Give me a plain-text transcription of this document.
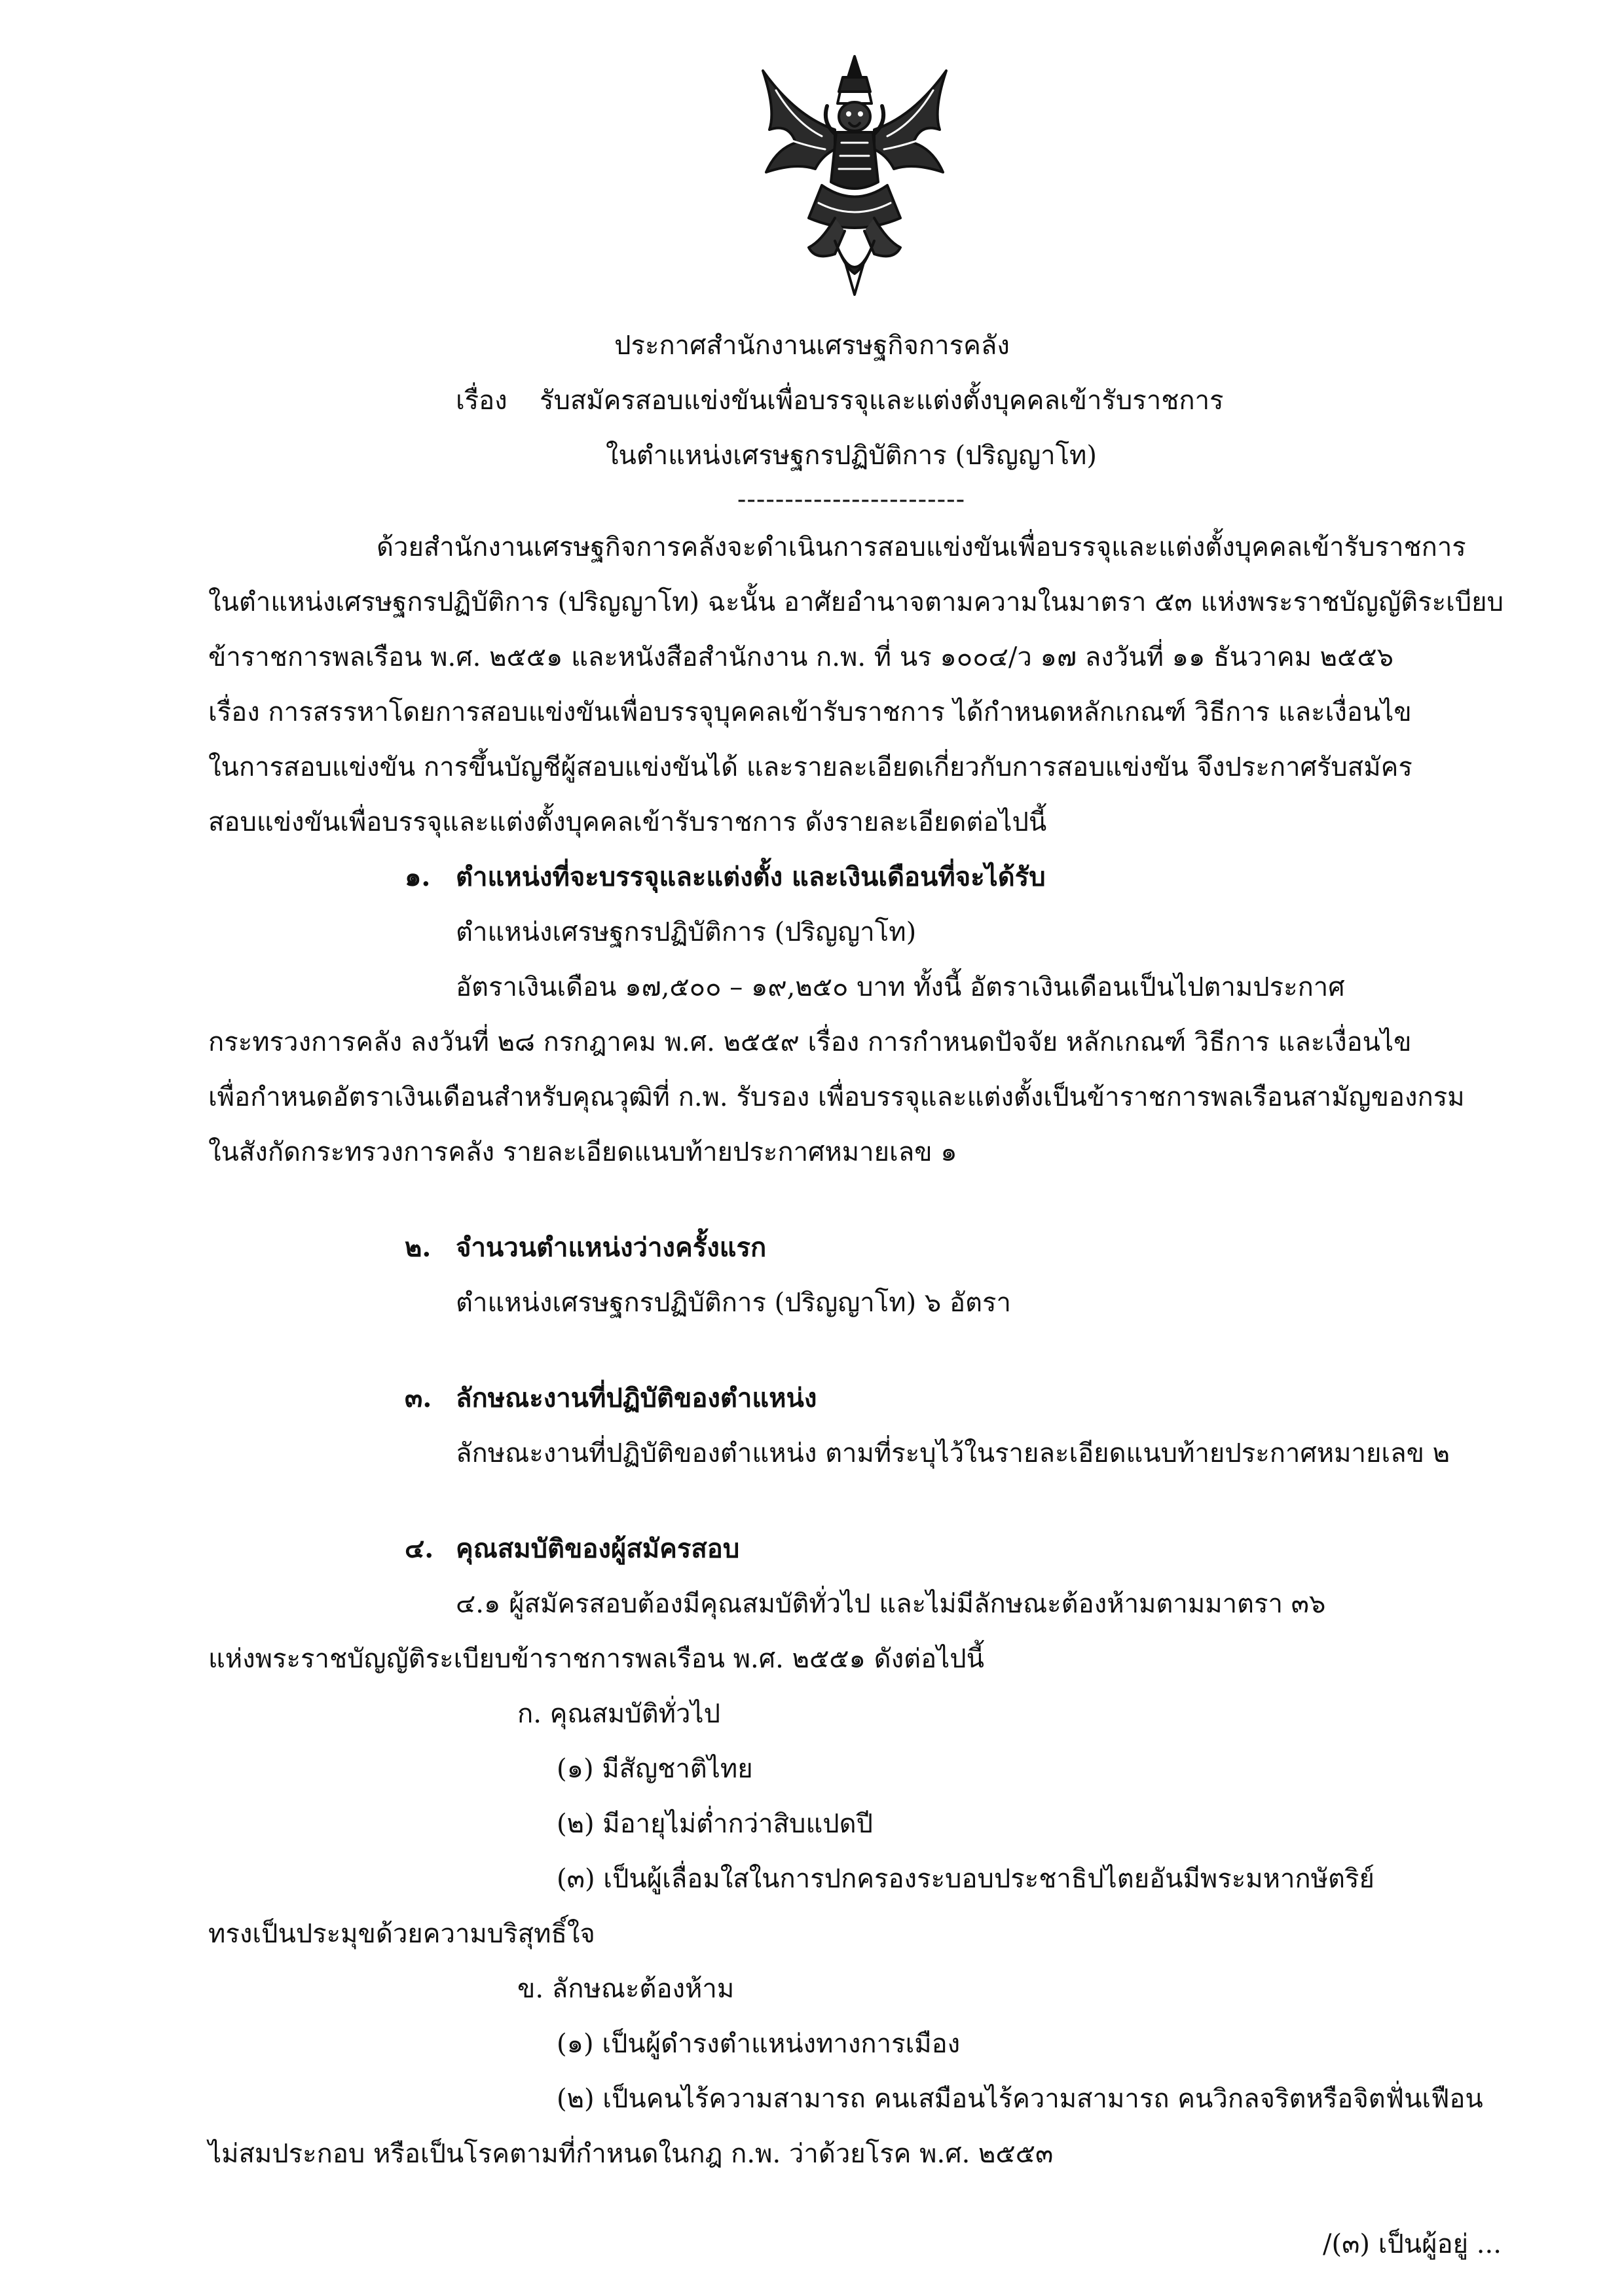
ประกาศสำนักงานเศรษฐกิจการคลัง
เรื่อง รับสมัครสอบแข่งขันเพื่อบรรจุและแต่งตั้งบุคคลเข้ารับราชการ
ในตำแหน่งเศรษฐกรปฏิบัติการ (ปริญญาโท)
------------------------
ด้วยสำนักงานเศรษฐกิจการคลังจะดำเนินการสอบแข่งขันเพื่อบรรจุและแต่งตั้งบุคคลเข้ารับราชการ
ในตำแหน่งเศรษฐกรปฏิบัติการ (ปริญญาโท) ฉะนั้น อาศัยอำนาจตามความในมาตรา ๕๓ แห่งพระราชบัญญัติระเบียบ
ข้าราชการพลเรือน พ.ศ. ๒๕๕๑ และหนังสือสำนักงาน ก.พ. ที่ นร ๑๐๐๔/ว ๑๗ ลงวันที่ ๑๑ ธันวาคม ๒๕๕๖
เรื่อง การสรรหาโดยการสอบแข่งขันเพื่อบรรจุบุคคลเข้ารับราชการ ได้กำหนดหลักเกณฑ์ วิธีการ และเงื่อนไข
ในการสอบแข่งขัน การขึ้นบัญชีผู้สอบแข่งขันได้ และรายละเอียดเกี่ยวกับการสอบแข่งขัน จึงประกาศรับสมัคร
สอบแข่งขันเพื่อบรรจุและแต่งตั้งบุคคลเข้ารับราชการ ดังรายละเอียดต่อไปนี้
๑. ตำแหน่งที่จะบรรจุและแต่งตั้ง และเงินเดือนที่จะได้รับ
ตำแหน่งเศรษฐกรปฏิบัติการ (ปริญญาโท)
อัตราเงินเดือน ๑๗,๕๐๐ – ๑๙,๒๕๐ บาท ทั้งนี้ อัตราเงินเดือนเป็นไปตามประกาศ
กระทรวงการคลัง ลงวันที่ ๒๘ กรกฎาคม พ.ศ. ๒๕๕๙ เรื่อง การกำหนดปัจจัย หลักเกณฑ์ วิธีการ และเงื่อนไข
เพื่อกำหนดอัตราเงินเดือนสำหรับคุณวุฒิที่ ก.พ. รับรอง เพื่อบรรจุและแต่งตั้งเป็นข้าราชการพลเรือนสามัญของกรม
ในสังกัดกระทรวงการคลัง รายละเอียดแนบท้ายประกาศหมายเลข ๑
๒. จำนวนตำแหน่งว่างครั้งแรก
ตำแหน่งเศรษฐกรปฏิบัติการ (ปริญญาโท) ๖ อัตรา
๓. ลักษณะงานที่ปฏิบัติของตำแหน่ง
ลักษณะงานที่ปฏิบัติของตำแหน่ง ตามที่ระบุไว้ในรายละเอียดแนบท้ายประกาศหมายเลข ๒
๔. คุณสมบัติของผู้สมัครสอบ
๔.๑ ผู้สมัครสอบต้องมีคุณสมบัติทั่วไป และไม่มีลักษณะต้องห้ามตามมาตรา ๓๖
แห่งพระราชบัญญัติระเบียบข้าราชการพลเรือน พ.ศ. ๒๕๕๑ ดังต่อไปนี้
ก. คุณสมบัติทั่วไป
(๑) มีสัญชาติไทย
(๒) มีอายุไม่ต่ำกว่าสิบแปดปี
(๓) เป็นผู้เลื่อมใสในการปกครองระบอบประชาธิปไตยอันมีพระมหากษัตริย์
ทรงเป็นประมุขด้วยความบริสุทธิ์ใจ
ข. ลักษณะต้องห้าม
(๑) เป็นผู้ดำรงตำแหน่งทางการเมือง
(๒) เป็นคนไร้ความสามารถ คนเสมือนไร้ความสามารถ คนวิกลจริตหรือจิตฟั่นเฟือน
ไม่สมประกอบ หรือเป็นโรคตามที่กำหนดในกฎ ก.พ. ว่าด้วยโรค พ.ศ. ๒๕๕๓
/(๓) เป็นผู้อยู่ ...
